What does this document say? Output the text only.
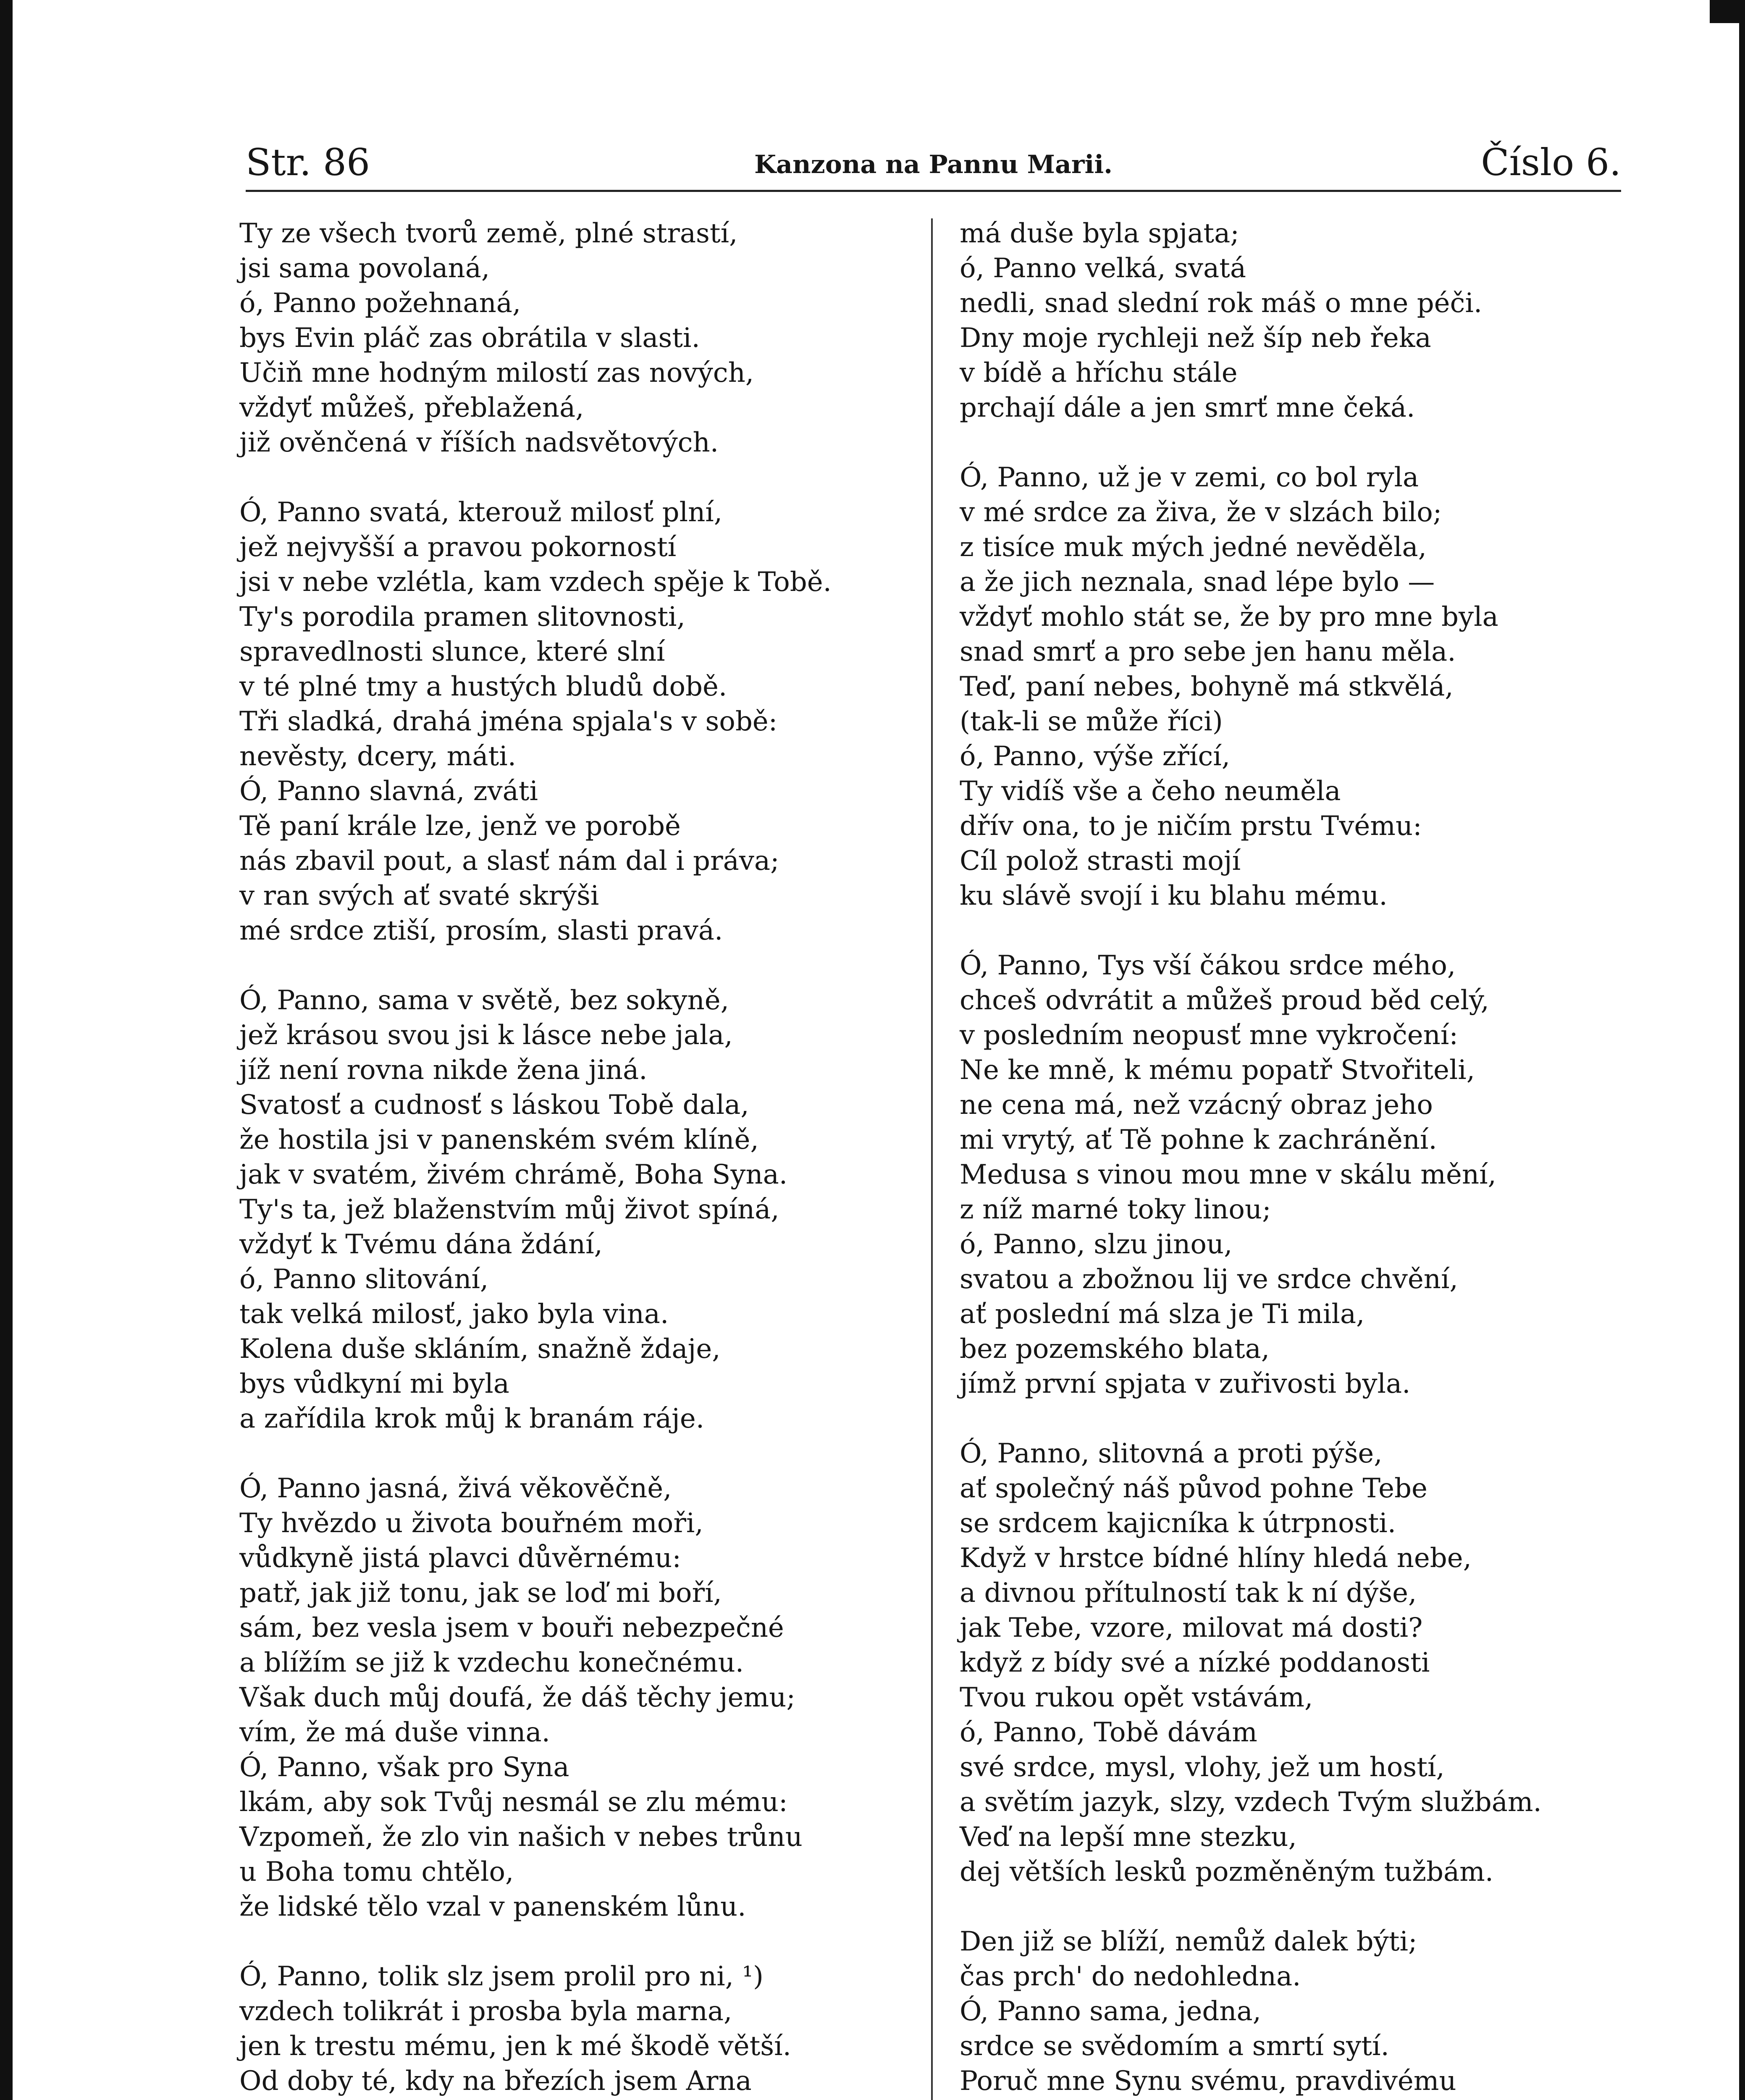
Str. 86	Kanzona na Pannu Marii.	Číslo 6.
Ty ze všech tvorů země, plné strastí,
jsi sama povolaná,
ó, Panno požehnaná,
bys Evin pláč zas obrátila v slasti.
Učiň mne hodným milostí zas nových,
vždyť můžeš, přeblažená,
již ověnčená v říších nadsvětových.
Ó, Panno svatá, kterouž milosť plní,
jež nejvyšší a pravou pokorností
jsi v nebe vzlétla, kam vzdech spěje k Tobě.
Ty's porodila pramen slitovnosti,
spravedlnosti slunce, které slní
v té plné tmy a hustých bludů době.
Tři sladká, drahá jména spjala's v sobě:
nevěsty, dcery, máti.
Ó, Panno slavná, zváti
Tě paní krále lze, jenž ve porobě
nás zbavil pout, a slasť nám dal i práva;
v ran svých ať svaté skrýši
mé srdce ztiší, prosím, slasti pravá.
Ó, Panno, sama v světě, bez sokyně,
jež krásou svou jsi k lásce nebe jala,
jíž není rovna nikde žena jiná.
Svatosť a cudnosť s láskou Tobě dala,
že hostila jsi v panenském svém klíně,
jak v svatém, živém chrámě, Boha Syna.
Ty's ta, jež blaženstvím můj život spíná,
vždyť k Tvému dána ždání,
ó, Panno slitování,
tak velká milosť, jako byla vina.
Kolena duše skláním, snažně ždaje,
bys vůdkyní mi byla
a zařídila krok můj k branám ráje.
Ó, Panno jasná, živá věkověčně,
Ty hvězdo u života bouřném moři,
vůdkyně jistá plavci důvěrnému:
patř, jak již tonu, jak se loď mi boří,
sám, bez vesla jsem v bouři nebezpečné
a blížím se již k vzdechu konečnému.
Však duch můj doufá, že dáš těchy jemu;
vím, že má duše vinna.
Ó, Panno, však pro Syna
lkám, aby sok Tvůj nesmál se zlu mému:
Vzpomeň, že zlo vin našich v nebes trůnu
u Boha tomu chtělo,
že lidské tělo vzal v panenském lůnu.
Ó, Panno, tolik slz jsem prolil pro ni, ¹)
vzdech tolikrát i prosba byla marna,
jen k trestu mému, jen k mé škodě větší.
Od doby té, kdy na březích jsem Arna
má duše byla spjata;
ó, Panno velká, svatá
nedli, snad slední rok máš o mne péči.
Dny moje rychleji než šíp neb řeka
v bídě a hříchu stále
prchají dále a jen smrť mne čeká.
Ó, Panno, už je v zemi, co bol ryla
v mé srdce za živa, že v slzách bilo;
z tisíce muk mých jedné nevěděla,
a že jich neznala, snad lépe bylo —
vždyť mohlo stát se, že by pro mne byla
snad smrť a pro sebe jen hanu měla.
Teď, paní nebes, bohyně má stkvělá,
(tak-li se může říci)
ó, Panno, výše zřící,
Ty vidíš vše a čeho neuměla
dřív ona, to je ničím prstu Tvému:
Cíl polož strasti mojí
ku slávě svojí i ku blahu mému.
Ó, Panno, Tys vší čákou srdce mého,
chceš odvrátit a můžeš proud běd celý,
v posledním neopusť mne vykročení:
Ne ke mně, k mému popatř Stvořiteli,
ne cena má, než vzácný obraz jeho
mi vrytý, ať Tě pohne k zachránění.
Medusa s vinou mou mne v skálu mění,
z níž marné toky linou;
ó, Panno, slzu jinou,
svatou a zbožnou lij ve srdce chvění,
ať poslední má slza je Ti mila,
bez pozemského blata,
jímž první spjata v zuřivosti byla.
Ó, Panno, slitovná a proti pýše,
ať společný náš původ pohne Tebe
se srdcem kajicníka k útrpnosti.
Když v hrstce bídné hlíny hledá nebe,
a divnou přítulností tak k ní dýše,
jak Tebe, vzore, milovat má dosti?
když z bídy své a nízké poddanosti
Tvou rukou opět vstávám,
ó, Panno, Tobě dávám
své srdce, mysl, vlohy, jež um hostí,
a světím jazyk, slzy, vzdech Tvým službám.
Veď na lepší mne stezku,
dej větších lesků pozměněným tužbám.
Den již se blíží, nemůž dalek býti;
čas prch' do nedohledna.
Ó, Panno sama, jedna,
srdce se svědomím a smrtí sytí.
Poruč mne Synu svému, pravdivému
